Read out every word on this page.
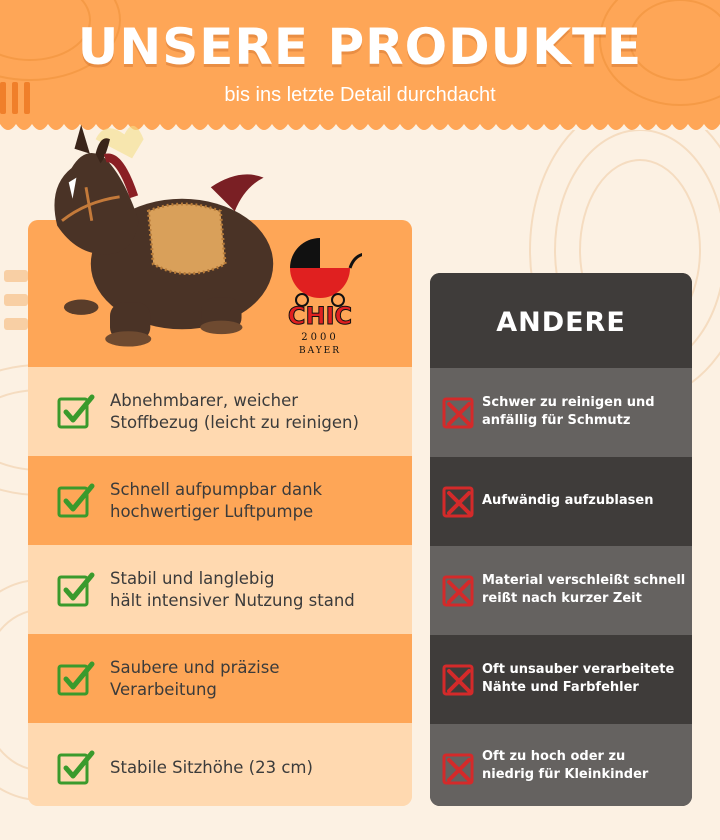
UNSERE PRODUKTE
bis ins letzte Detail durchdacht
CHIC
2000
BAYER
Abnehmbarer, weicher
Stoffbezug (leicht zu reinigen)
Schnell aufpumpbar dank
hochwertiger Luftpumpe
Stabil und langlebig
hält intensiver Nutzung stand
Saubere und präzise
Verarbeitung
Stabile Sitzhöhe (23 cm)
ANDERE
Schwer zu reinigen und
anfällig für Schmutz
Aufwändig aufzublasen
Material verschleißt schnell
reißt nach kurzer Zeit
Oft unsauber verarbeitete
Nähte und Farbfehler
Oft zu hoch oder zu
niedrig für Kleinkinder
